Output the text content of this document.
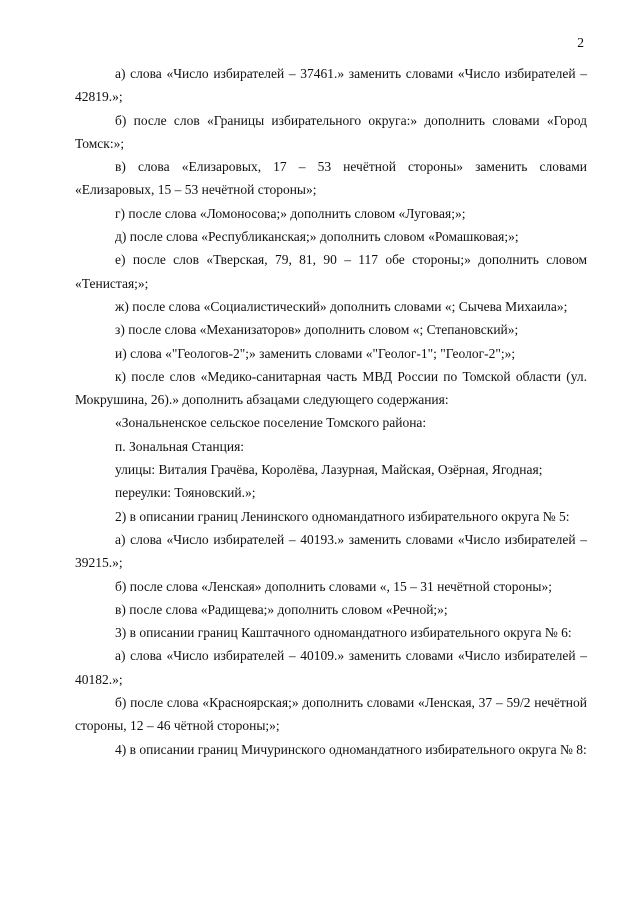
2

а) слова «Число избирателей – 37461.» заменить словами «Число избирателей – 42819.»;

б) после слов «Границы избирательного округа:» дополнить словами «Город Томск:»;

в) слова «Елизаровых, 17 – 53 нечётной стороны» заменить словами «Елизаровых, 15 – 53 нечётной стороны»;

г) после слова «Ломоносова;» дополнить словом «Луговая;»;

д) после слова «Республиканская;» дополнить словом «Ромашковая;»;

е) после слов «Тверская, 79, 81, 90 – 117 обе стороны;» дополнить словом «Тенистая;»;

ж) после слова «Социалистический» дополнить словами «; Сычева Михаила»;

з) после слова «Механизаторов» дополнить словом «; Степановский»;

и) слова «"Геологов-2";» заменить словами «"Геолог-1"; "Геолог-2";»;

к) после слов «Медико-санитарная часть МВД России по Томской области (ул. Мокрушина, 26).» дополнить абзацами следующего содержания:

«Зональненское сельское поселение Томского района:

п. Зональная Станция:

улицы: Виталия Грачёва, Королёва, Лазурная, Майская, Озёрная, Ягодная;

переулки: Тояновский.»;

2) в описании границ Ленинского одномандатного избирательного округа № 5:

а) слова «Число избирателей – 40193.» заменить словами «Число избирателей – 39215.»;

б) после слова «Ленская» дополнить словами «, 15 – 31 нечётной стороны»;

в) после слова «Радищева;» дополнить словом «Речной;»;

3) в описании границ Каштачного одномандатного избирательного округа № 6:

а) слова «Число избирателей – 40109.» заменить словами «Число избирателей – 40182.»;

б) после слова «Красноярская;» дополнить словами «Ленская, 37 – 59/2 нечётной стороны, 12 – 46 чётной стороны;»;

4) в описании границ Мичуринского одномандатного избирательного округа № 8:
